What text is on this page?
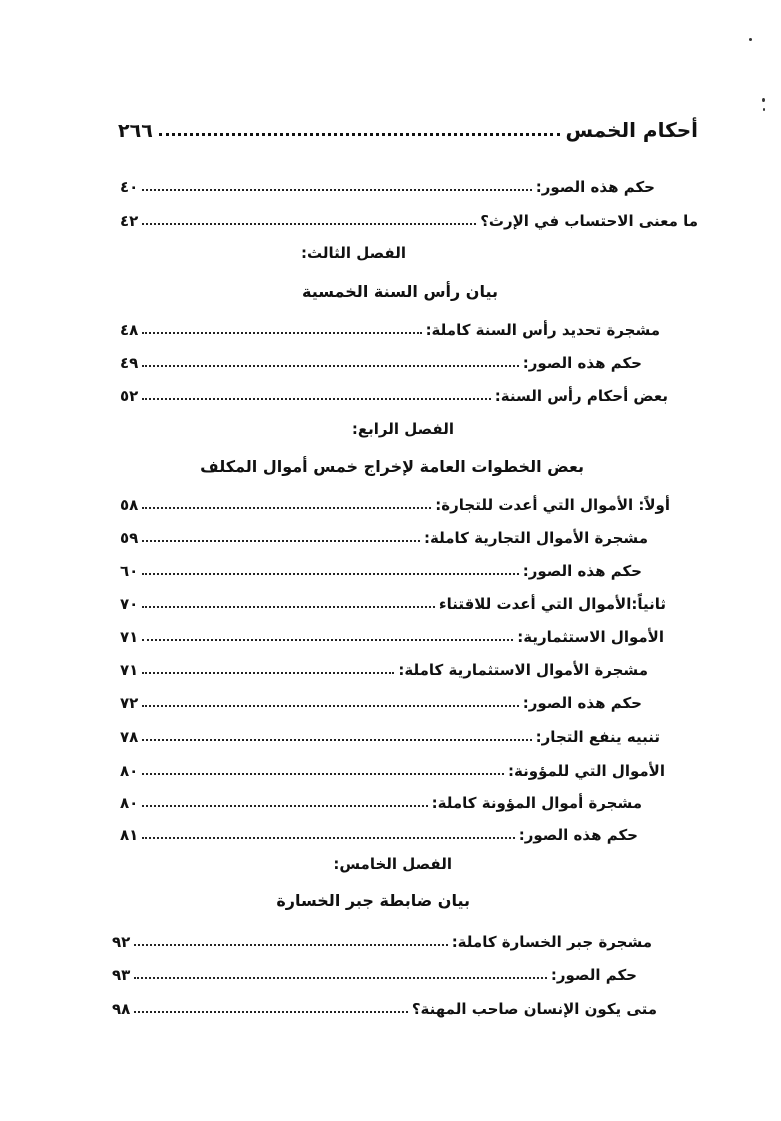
أحكام الخمس
٢٦٦
حكم هذه الصور:
٤٠
ما معنى الاحتساب في الإرث؟
٤٢
الفصل الثالث:
بيان رأس السنة الخمسية
مشجرة تحديد رأس السنة كاملة:
٤٨
حكم هذه الصور:
٤٩
بعض أحكام رأس السنة:
٥٢
الفصل الرابع:
بعض الخطوات العامة لإخراج خمس أموال المكلف
أولاً: الأموال التي أعدت للتجارة:
٥٨
مشجرة الأموال التجارية كاملة:
٥٩
حكم هذه الصور:
٦٠
ثانياً:الأموال التي أعدت للاقتناء
٧٠
الأموال الاستثمارية:
٧١
مشجرة الأموال الاستثمارية كاملة:
٧١
حكم هذه الصور:
٧٢
تنبيه ينفع التجار:
٧٨
الأموال التي للمؤونة:
٨٠
مشجرة أموال المؤونة كاملة:
٨٠
حكم هذه الصور:
٨١
الفصل الخامس:
بيان ضابطة جبر الخسارة
مشجرة جبر الخسارة كاملة:
٩٢
حكم الصور:
٩٣
متى يكون الإنسان صاحب المهنة؟
٩٨
